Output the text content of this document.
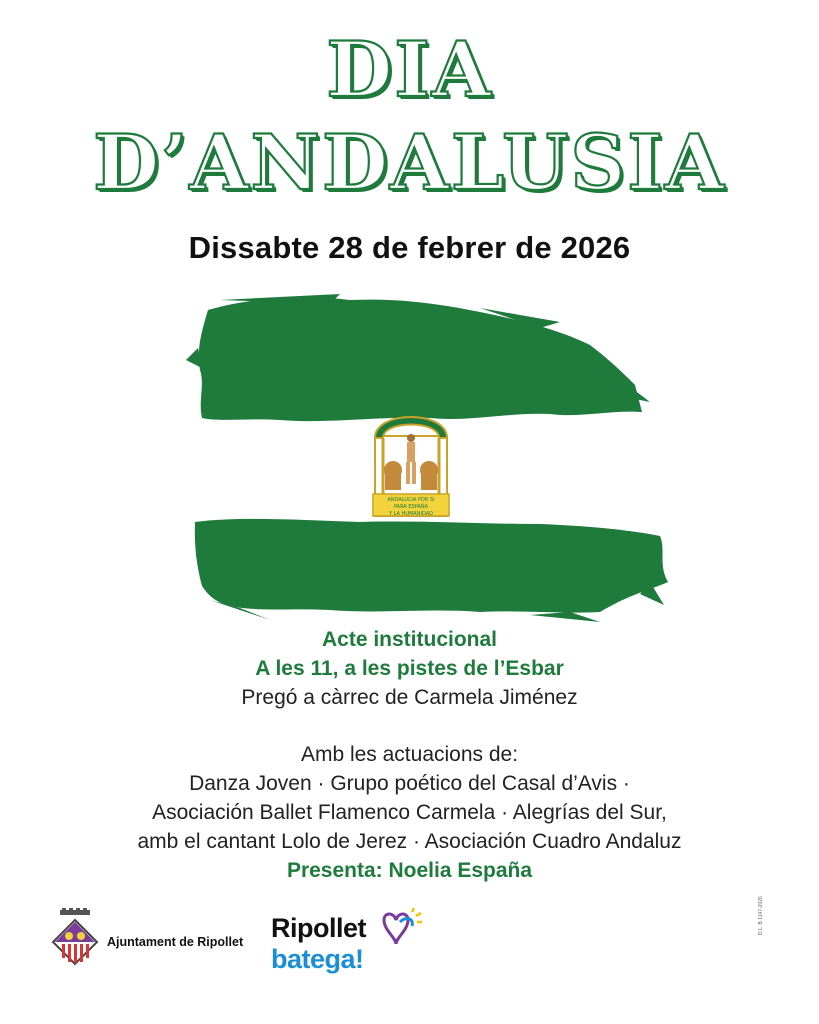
DIA
D’ANDALUSIA
Dissabte 28 de febrer de 2026
ANDALUCIA POR SI
PARA ESPAÑA
Y LA HUMANIDAD
Acte institucional
A les 11, a les pistes de l’Esbar
Pregó a càrrec de Carmela Jiménez
Amb les actuacions de:
Danza Joven · Grupo poético del Casal d’Avis ·
Asociación Ballet Flamenco Carmela · Alegrías del Sur,
amb el cantant Lolo de Jerez · Asociación Cuadro Andaluz
Presenta: Noelia España
Ajuntament de Ripollet Ripollet
batega!
D.L. B 1147-2026
